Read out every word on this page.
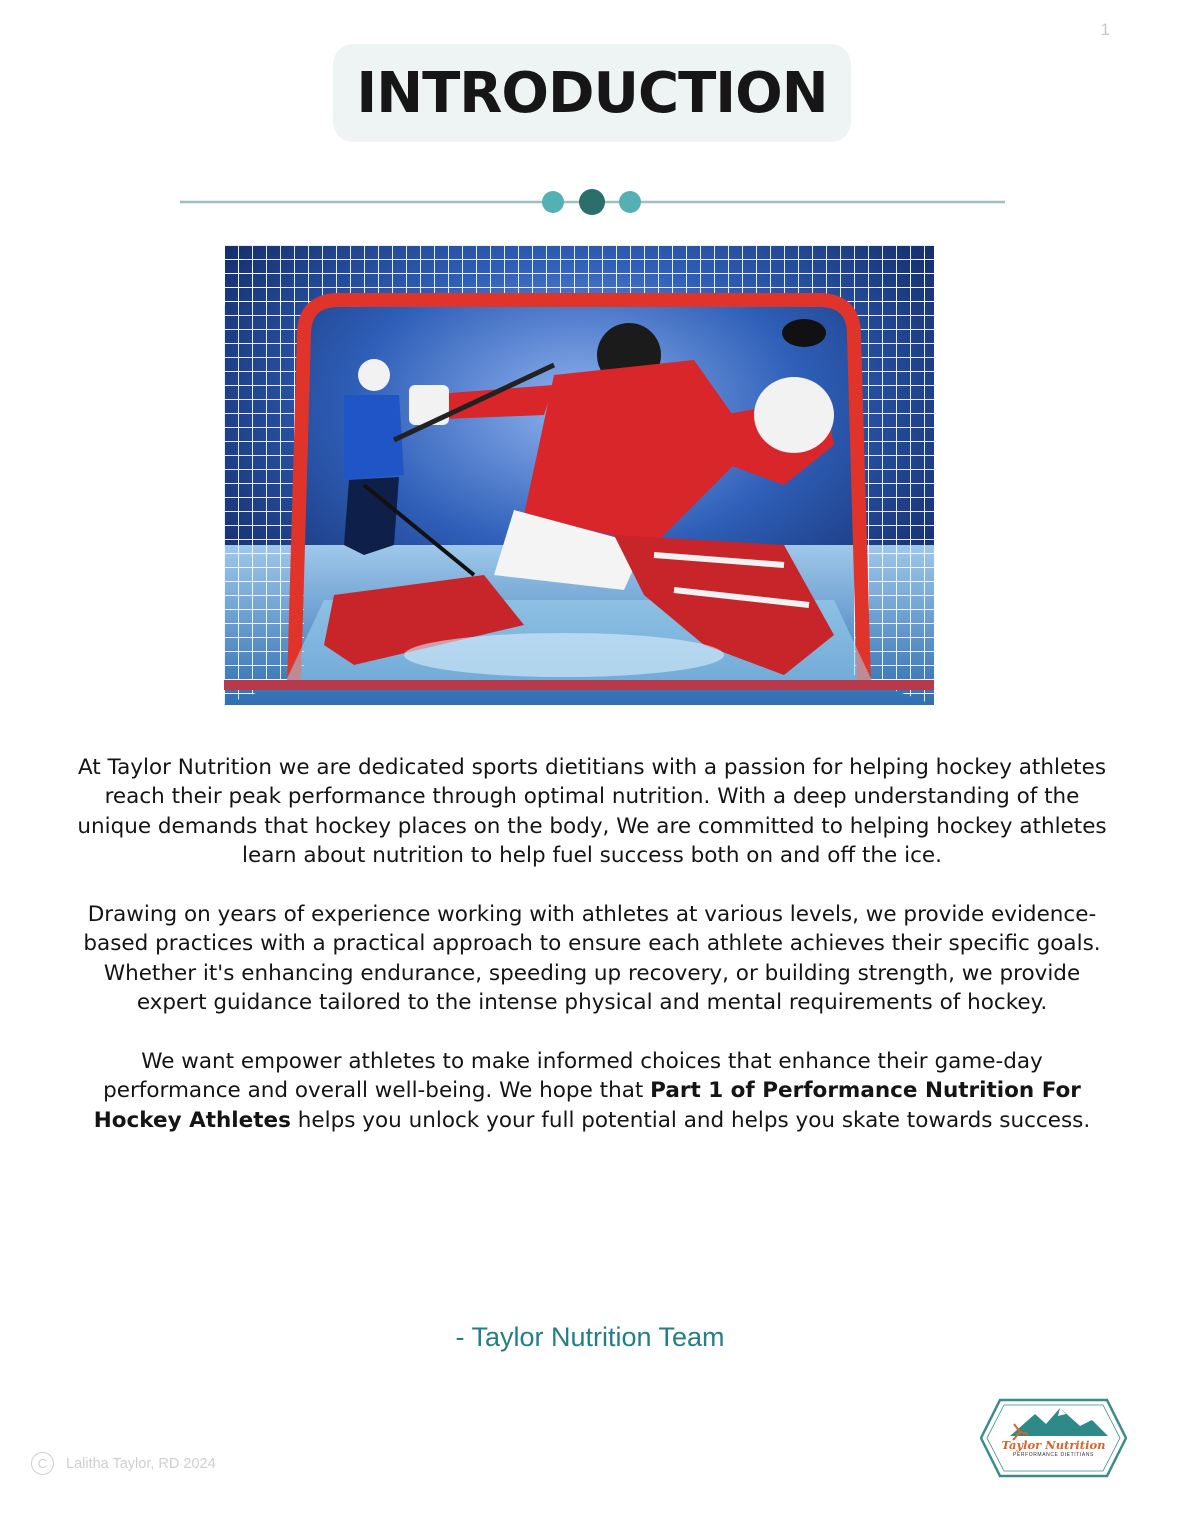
1
INTRODUCTION

At Taylor Nutrition we are dedicated sports dietitians with a passion for helping hockey athletes reach their peak performance through optimal nutrition. With a deep understanding of the unique demands that hockey places on the body, We are committed to helping hockey athletes learn about nutrition to help fuel success both on and off the ice.

Drawing on years of experience working with athletes at various levels, we provide evidence-based practices with a practical approach to ensure each athlete achieves their specific goals. Whether it's enhancing endurance, speeding up recovery, or building strength, we provide expert guidance tailored to the intense physical and mental requirements of hockey.

We want empower athletes to make informed choices that enhance their game-day performance and overall well-being. We hope that Part 1 of Performance Nutrition For Hockey Athletes helps you unlock your full potential and helps you skate towards success.

- Taylor Nutrition Team
C	Lalitha Taylor, RD 2024
Taylor Nutrition
PERFORMANCE DIETITIANS
